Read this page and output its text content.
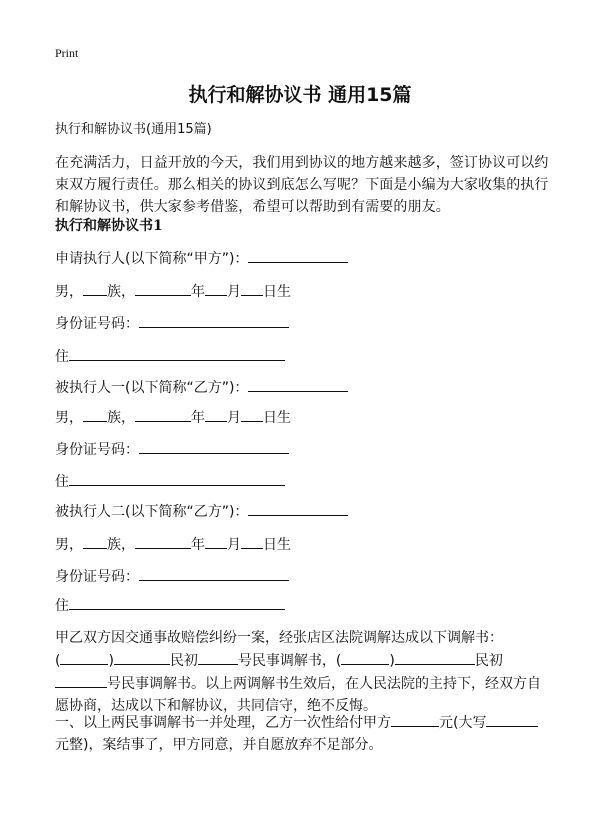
Print
执行和解协议书 通用15篇
执行和解协议书(通用15篇)
在充满活力，日益开放的今天，我们用到协议的地方越来越多，签订协议可以约束双方履行责任。那么相关的协议到底怎么写呢？下面是小编为大家收集的执行和解协议书，供大家参考借鉴，希望可以帮助到有需要的朋友。
执行和解协议书1
申请执行人(以下简称“甲方”)：
男， 族，	年 月 日生
身份证号码：
住
被执行人一(以下简称“乙方”)：
男， 族，	年 月 日生
身份证号码：
住
被执行人二(以下简称“乙方”)：
男， 族，	年 月 日生
身份证号码：
住
甲乙双方因交通事故赔偿纠纷一案，经张店区法院调解达成以下调解书：
(	)	民初	号民事调解书，(	)	民初
号民事调解书。以上两调解书生效后，在人民法院的主持下，经双方自愿协商，达成以下和解协议，共同信守，绝不反悔。
一、以上两民事调解书一并处理，乙方一次性给付甲方	元(大写
元整)，案结事了，甲方同意，并自愿放弃不足部分。
